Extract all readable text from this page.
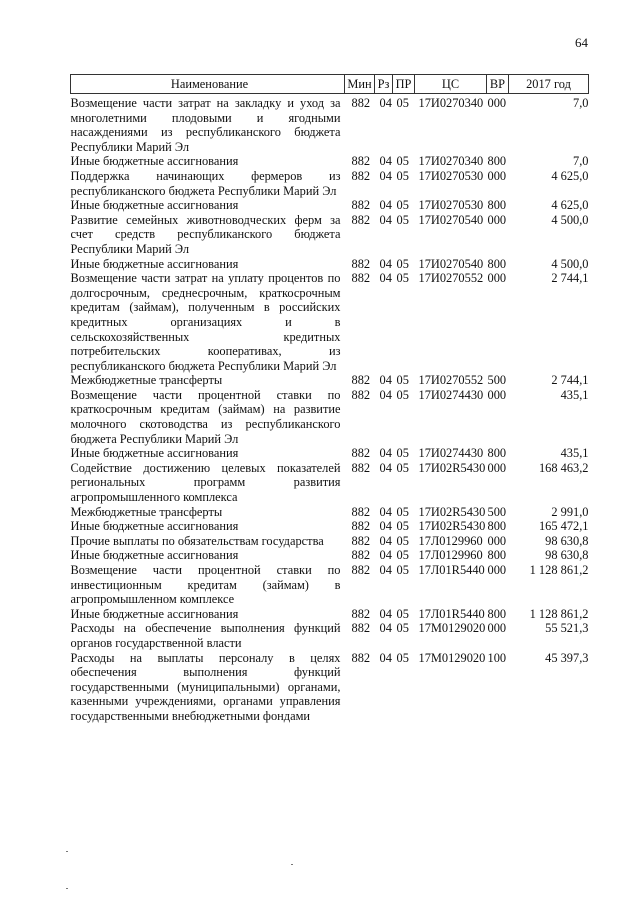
64
Наименование	Мин	Рз	ПР	ЦС	ВР	2017 год
Возмещение части затрат на закладку и уход за многолетними плодовыми и ягодными насаждениями из республиканского бюджета Республики Марий Эл	882	04	05	17И0270340	000	7,0
Иные бюджетные ассигнования	882	04	05	17И0270340	800	7,0
Поддержка начинающих фермеров из республиканского бюджета Республики Марий Эл	882	04	05	17И0270530	000	4 625,0
Иные бюджетные ассигнования	882	04	05	17И0270530	800	4 625,0
Развитие семейных животноводческих ферм за счет средств республиканского бюджета Республики Марий Эл	882	04	05	17И0270540	000	4 500,0
Иные бюджетные ассигнования	882	04	05	17И0270540	800	4 500,0
Возмещение части затрат на уплату процентов по долгосрочным, среднесрочным, краткосрочным кредитам (займам), полученным в российских кредитных организациях и в сельскохозяйственных кредитных потребительских кооперативах, из республиканского бюджета Республики Марий Эл	882	04	05	17И0270552	000	2 744,1
Межбюджетные трансферты	882	04	05	17И0270552	500	2 744,1
Возмещение части процентной ставки по краткосрочным кредитам (займам) на развитие молочного скотоводства из республиканского бюджета Республики Марий Эл	882	04	05	17И0274430	000	435,1
Иные бюджетные ассигнования	882	04	05	17И0274430	800	435,1
Содействие достижению целевых показателей региональных программ развития агропромышленного комплекса	882	04	05	17И02R5430	000	168 463,2
Межбюджетные трансферты	882	04	05	17И02R5430	500	2 991,0
Иные бюджетные ассигнования	882	04	05	17И02R5430	800	165 472,1
Прочие выплаты по обязательствам государства	882	04	05	17Л0129960	000	98 630,8
Иные бюджетные ассигнования	882	04	05	17Л0129960	800	98 630,8
Возмещение части процентной ставки по инвестиционным кредитам (займам) в агропромышленном комплексе	882	04	05	17Л01R5440	000	1 128 861,2
Иные бюджетные ассигнования	882	04	05	17Л01R5440	800	1 128 861,2
Расходы на обеспечение выполнения функций органов государственной власти	882	04	05	17М0129020	000	55 521,3
Расходы на выплаты персоналу в целях обеспечения выполнения функций государственными (муниципальными) органами, казенными учреждениями, органами управления государственными внебюджетными фондами	882	04	05	17М0129020	100	45 397,3
